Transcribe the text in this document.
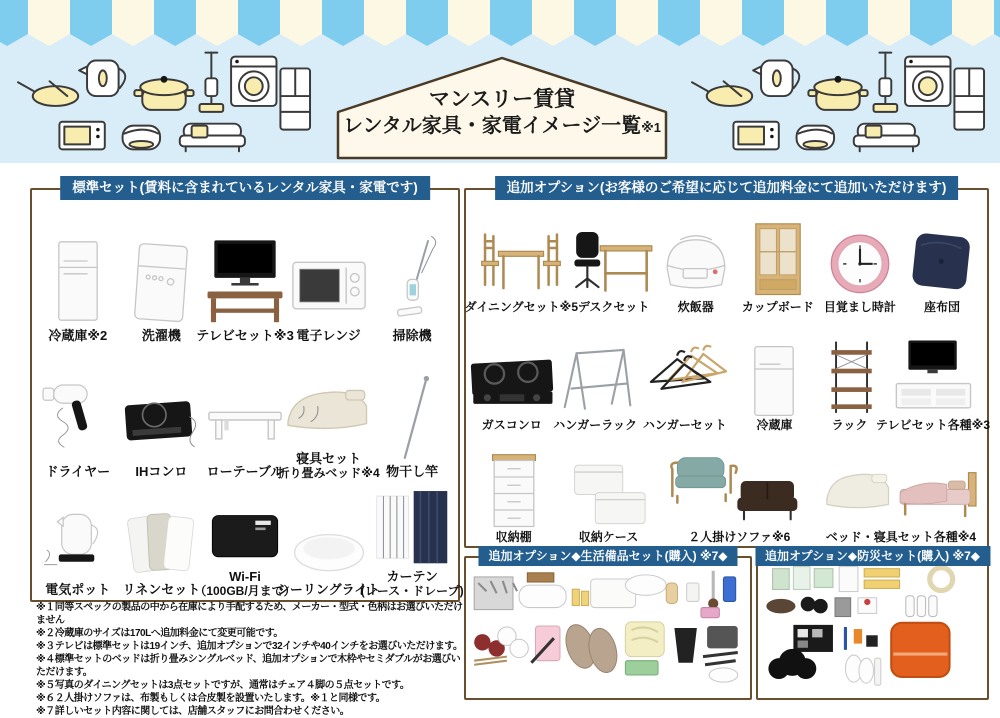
マンスリー賃貸
レンタル家具・家電イメージ一覧※1
標準セット(賃料に含まれているレンタル家具・家電です)
冷蔵庫※2	洗濯機 テレビセット※3 電子レンジ 掃除機
ドライヤー IHコンロ ローテーブル
寝具セット
折り畳みベッド※4 物干し竿
電気ポット リネンセット
Wi-Fi
（100GB/月まで）
シーリングライト
カーテン
(レース・ドレープ)
追加オプション(お客様のご希望に応じて追加料金にて追加いただけます)
ダイニングセット※5 デスクセット 炊飯器 カップボード 目覚まし時計 座布団
ガスコンロ ハンガーラック ハンガーセット 冷蔵庫	ラック テレビセット各種※3
収納棚	収納ケース	２人掛けソファ※6	ベッド・寝具セット各種※4
※１同等スペックの製品の中から在庫により手配するため、メーカー・型式・色柄はお選びいただけません
※２冷蔵庫のサイズは170Lへ追加料金にて変更可能です。
※３テレビは標準セットは19インチ、追加オプションで32インチや40インチをお選びいただけます。
※４標準セットのベッドは折り畳みシングルベッド、追加オプションで木枠やセミダブルがお選びいただけます。
※５写真のダイニングセットは3点セットですが、通常はチェア４脚の５点セットです。
※６２人掛けソファは、布製もしくは合皮製を設置いたします。※１と同様です。
※７詳しいセット内容に関しては、店舗スタッフにお問合わせください。
追加オプション◆生活備品セット(購入) ※7◆	追加オプション◆防災セット(購入) ※7◆
